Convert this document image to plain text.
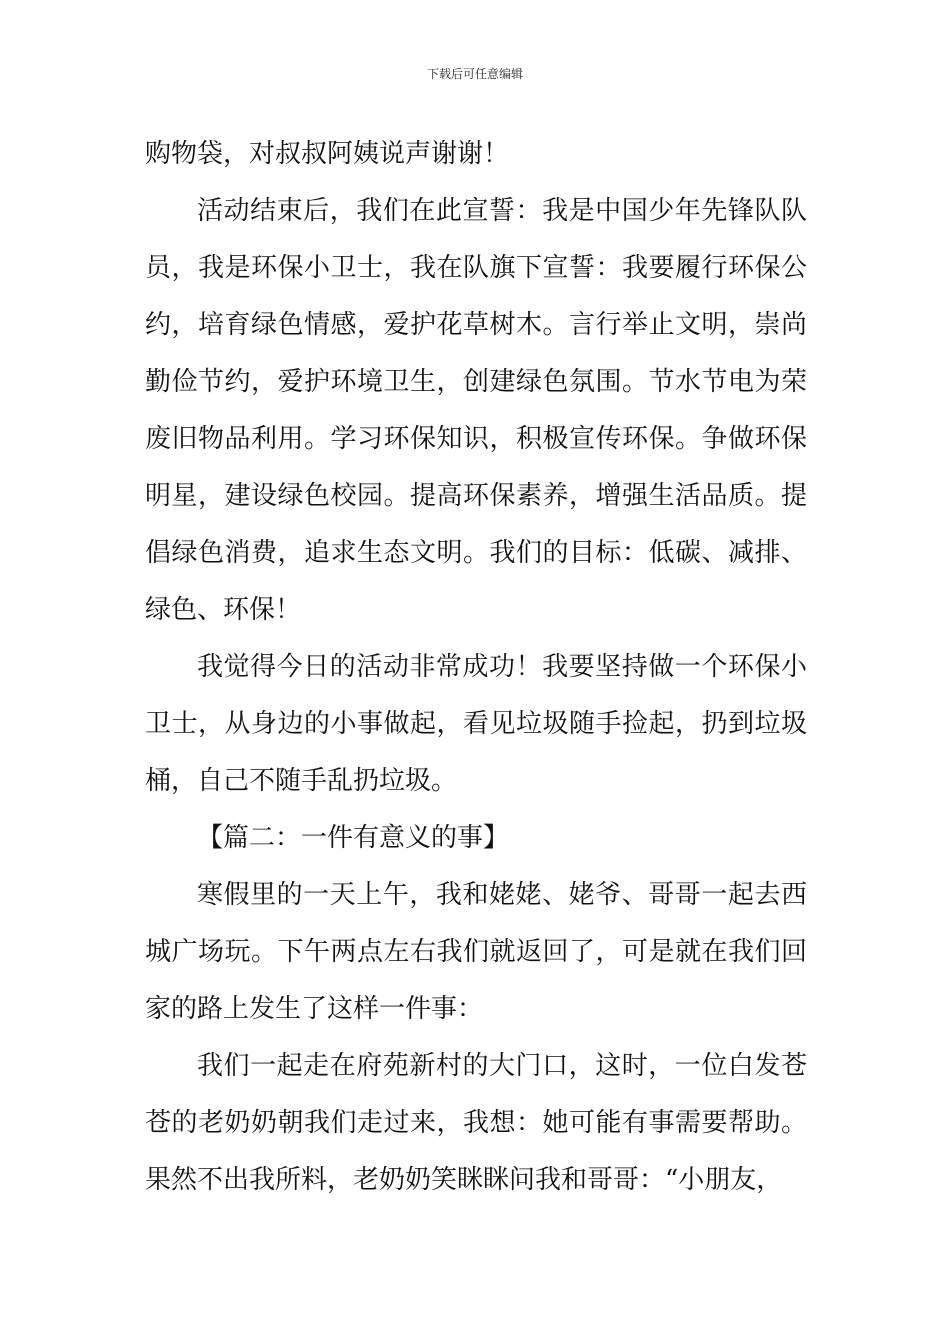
下载后可任意编辑

购物袋，对叔叔阿姨说声谢谢！

活动结束后，我们在此宣誓：我是中国少年先锋队队员，我是环保小卫士，我在队旗下宣誓：我要履行环保公约，培育绿色情感，爱护花草树木。言行举止文明，崇尚勤俭节约，爱护环境卫生，创建绿色氛围。节水节电为荣废旧物品利用。学习环保知识，积极宣传环保。争做环保明星，建设绿色校园。提高环保素养，增强生活品质。提倡绿色消费，追求生态文明。我们的目标：低碳、减排、绿色、环保！

我觉得今日的活动非常成功！我要坚持做一个环保小卫士，从身边的小事做起，看见垃圾随手捡起，扔到垃圾桶，自己不随手乱扔垃圾。

【篇二：一件有意义的事】

寒假里的一天上午，我和姥姥、姥爷、哥哥一起去西城广场玩。下午两点左右我们就返回了，可是就在我们回家的路上发生了这样一件事：

我们一起走在府苑新村的大门口，这时，一位白发苍苍的老奶奶朝我们走过来，我想：她可能有事需要帮助。果然不出我所料，老奶奶笑眯眯问我和哥哥：“小朋友，
